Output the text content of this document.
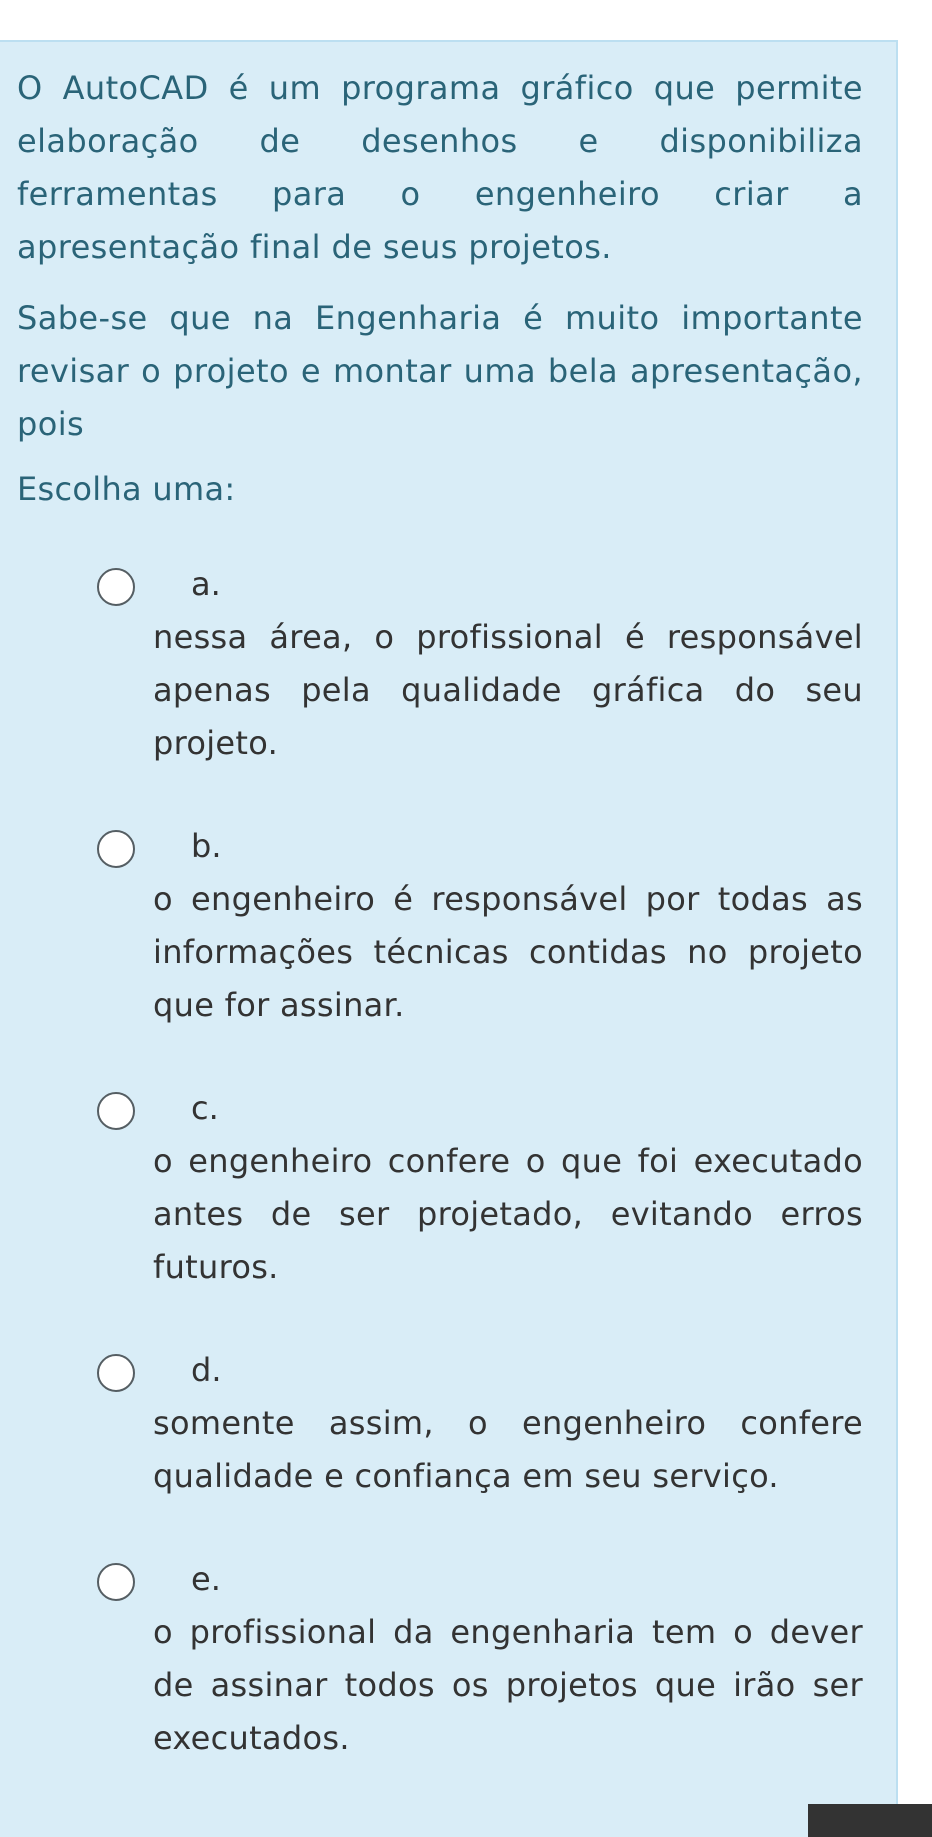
O AutoCAD é um programa gráfico que permite elaboração de desenhos e disponibiliza ferramentas para o engenheiro criar a apresentação final de seus projetos.

Sabe-se que na Engenharia é muito importante revisar o projeto e montar uma bela apresentação, pois

Escolha uma:
a.
nessa área, o profissional é responsável apenas pela qualidade gráfica do seu projeto.
b.
o engenheiro é responsável por todas as informações técnicas contidas no projeto que for assinar.
c.
o engenheiro confere o que foi executado antes de ser projetado, evitando erros futuros.
d.
somente assim, o engenheiro confere qualidade e confiança em seu serviço.
e.
o profissional da engenharia tem o dever de assinar todos os projetos que irão ser executados.
